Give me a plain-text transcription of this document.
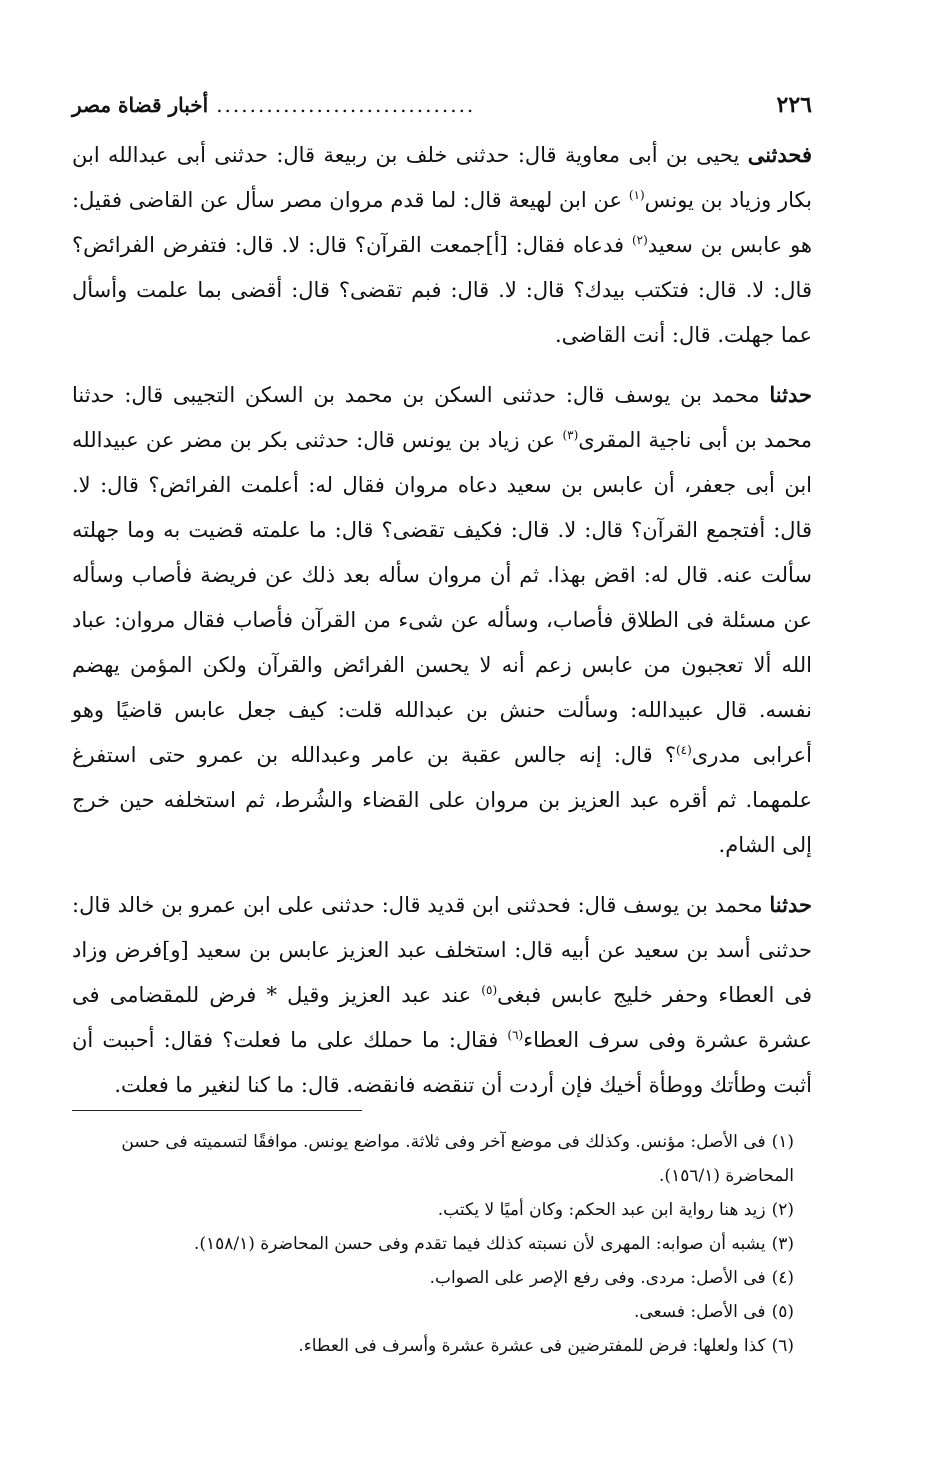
٢٢٦
...............................
أخبار قضاة مصر

فحدثنى يحيى بن أبى معاوية قال: حدثنى خلف بن ربيعة قال: حدثنى أبى عبدالله ابن بكار وزياد بن يونس$^{(١)}$ عن ابن لهيعة قال: لما قدم مروان مصر سأل عن القاضى فقيل: هو عابس بن سعيد$^{(٢)}$ فدعاه فقال: [أ]جمعت القرآن؟ قال: لا. قال: فتفرض الفرائض؟ قال: لا. قال: فتكتب بيدك؟ قال: لا. قال: فبم تقضى؟ قال: أقضى بما علمت وأسأل عما جهلت. قال: أنت القاضى.

حدثنا محمد بن يوسف قال: حدثنى السكن بن محمد بن السكن التجيبى قال: حدثنا محمد بن أبى ناجية المقرى$^{(٣)}$ عن زياد بن يونس قال: حدثنى بكر بن مضر عن عبيدالله ابن أبى جعفر، أن عابس بن سعيد دعاه مروان فقال له: أعلمت الفرائض؟ قال: لا. قال: أفتجمع القرآن؟ قال: لا. قال: فكيف تقضى؟ قال: ما علمته قضيت به وما جهلته سألت عنه. قال له: اقض بهذا. ثم أن مروان سأله بعد ذلك عن فريضة فأصاب وسأله عن مسئلة فى الطلاق فأصاب، وسأله عن شىء من القرآن فأصاب فقال مروان: عباد الله ألا تعجبون من عابس زعم أنه لا يحسن الفرائض والقرآن ولكن المؤمن يهضم نفسه. قال عبيدالله: وسألت حنش بن عبدالله قلت: كيف جعل عابس قاضيًا وهو أعرابى مدرى$^{(٤)}$؟ قال: إنه جالس عقبة بن عامر وعبدالله بن عمرو حتى استفرغ علمهما. ثم أقره عبد العزيز بن مروان على القضاء والشُرط، ثم استخلفه حين خرج إلى الشام.

حدثنا محمد بن يوسف قال: فحدثنى ابن قديد قال: حدثنى على ابن عمرو بن خالد قال: حدثنى أسد بن سعيد عن أبيه قال: استخلف عبد العزيز عابس بن سعيد [و]فرض وزاد فى العطاء وحفر خليج عابس فبغى$^{(٥)}$ عند عبد العزيز وقيل * فرض للمقضامى فى عشرة عشرة وفى سرف العطاء$^{(٦)}$ فقال: ما حملك على ما فعلت؟ فقال: أحببت أن أثبت وطأتك ووطأة أخيك فإن أردت أن تنقضه فانقضه. قال: ما كنا لنغير ما فعلت.

(١)فى الأصل: مؤنس. وكذلك فى موضع آخر وفى ثلاثة. مواضع يونس. موافقًا لتسميته فى حسن المحاضرة (١٥٦/١).

(٢)زيد هنا رواية ابن عبد الحكم: وكان أميًا لا يكتب.

(٣)يشبه أن صوابه: المهرى لأن نسبته كذلك فيما تقدم وفى حسن المحاضرة (١٥٨/١).

(٤)فى الأصل: مردى. وفى رفع الإصر على الصواب.

(٥)فى الأصل: فسعى.

(٦)كذا ولعلها: فرض للمفترضين فى عشرة عشرة وأسرف فى العطاء.
